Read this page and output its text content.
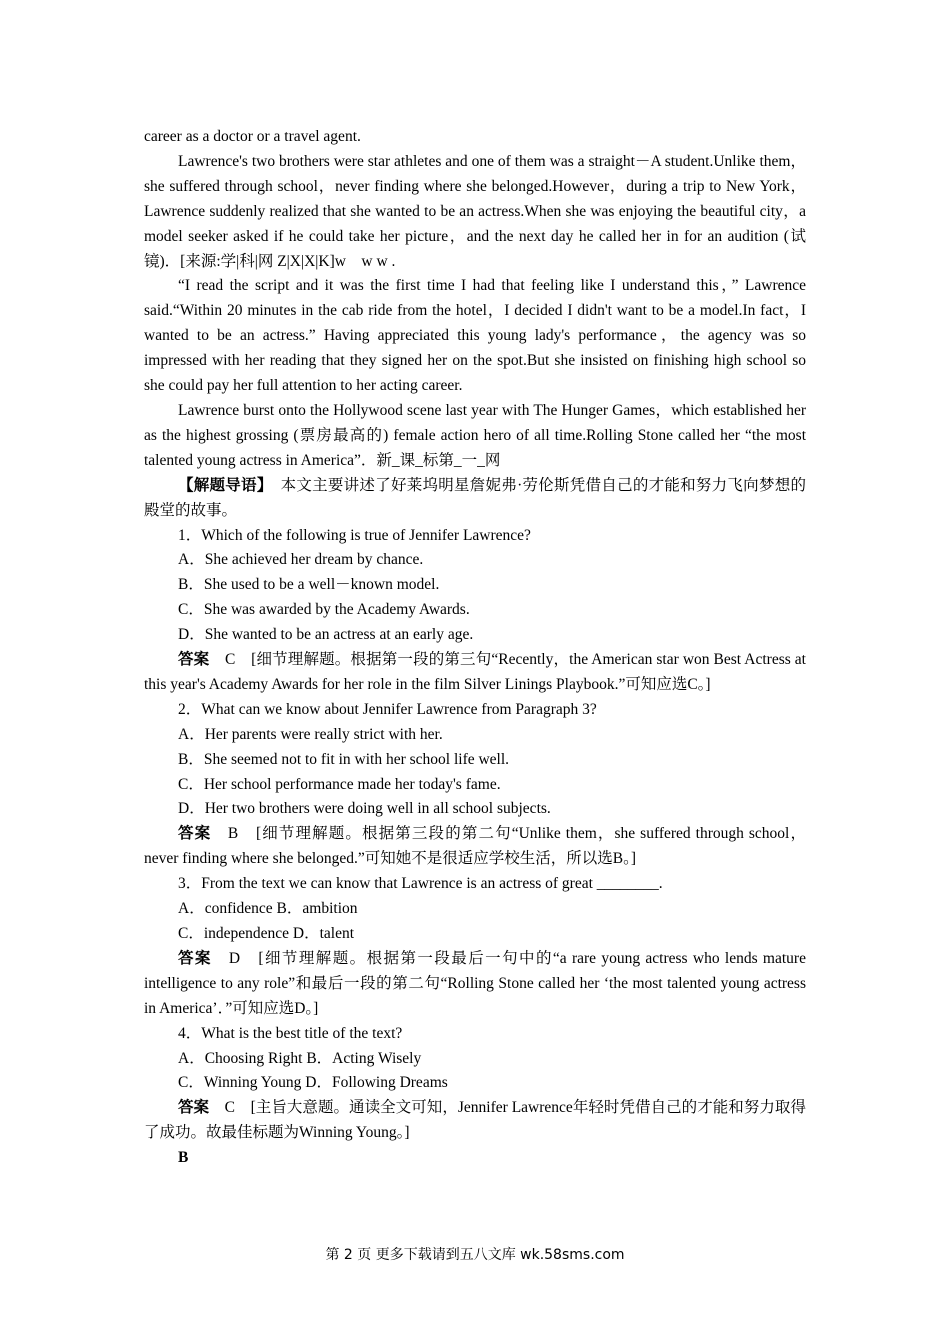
career as a doctor or a travel agent.

Lawrence's two brothers were star athletes and one of them was a straight－A student.Unlike them，she suffered through school，never finding where she belonged.However，during a trip to New York，Lawrence suddenly realized that she wanted to be an actress.When she was enjoying the beautiful city，a model seeker asked if he could take her picture，and the next day he called her in for an audition (试镜)．[来源:学|科|网 Z|X|X|K]w　w w .

“I read the script and it was the first time I had that feeling like I understand this，” Lawrence said.“Within 20 minutes in the cab ride from the hotel，I decided I didn't want to be a model.In fact，I wanted to be an actress.” Having appreciated this young lady's performance，the agency was so impressed with her reading that they signed her on the spot.But she insisted on finishing high school so she could pay her full attention to her acting career.

Lawrence burst onto the Hollywood scene last year with The Hunger Games，which established her as the highest grossing (票房最高的) female action hero of all time.Rolling Stone called her “the most talented young actress in America”．新_课_标第_一_网

【解题导语】　 本文主要讲述了好莱坞明星詹妮弗·劳伦斯凭借自己的才能和努力飞向梦想的殿堂的故事。

1．Which of the following is true of Jennifer Lawrence?

A．She achieved her dream by chance.

B．She used to be a well－known model.

C．She was awarded by the Academy Awards.

D．She wanted to be an actress at an early age.

答案　 C　[细节理解题。根据第一段的第三句“Recently，the American star won Best Actress at this year's Academy Awards for her role in the film Silver Linings Playbook.”可知应选C。]

2．What can we know about Jennifer Lawrence from Paragraph 3?

A．Her parents were really strict with her.

B．She seemed not to fit in with her school life well.

C．Her school performance made her today's fame.

D．Her two brothers were doing well in all school subjects.

答案　 B　[细节理解题。根据第三段的第二句“Unlike them，she suffered through school，never finding where she belonged.”可知她不是很适应学校生活，所以选B。]

3．From the text we can know that Lawrence is an actress of great ________.

A．confidence B．ambition

C．independence D．talent

答案　 D　[细节理解题。根据第一段最后一句中的“a rare young actress who lends mature intelligence to any role”和最后一段的第二句“Rolling Stone called her ‘the most talented young actress in America’．”可知应选D。]

4．What is the best title of the text?

A．Choosing Right B．Acting Wisely

C．Winning Young D．Following Dreams

答案　 C　[主旨大意题。通读全文可知，Jennifer Lawrence年轻时凭借自己的才能和努力取得了成功。故最佳标题为Winning Young。]

B

第 2 页 更多下载请到五八文库 wk.58sms.com
